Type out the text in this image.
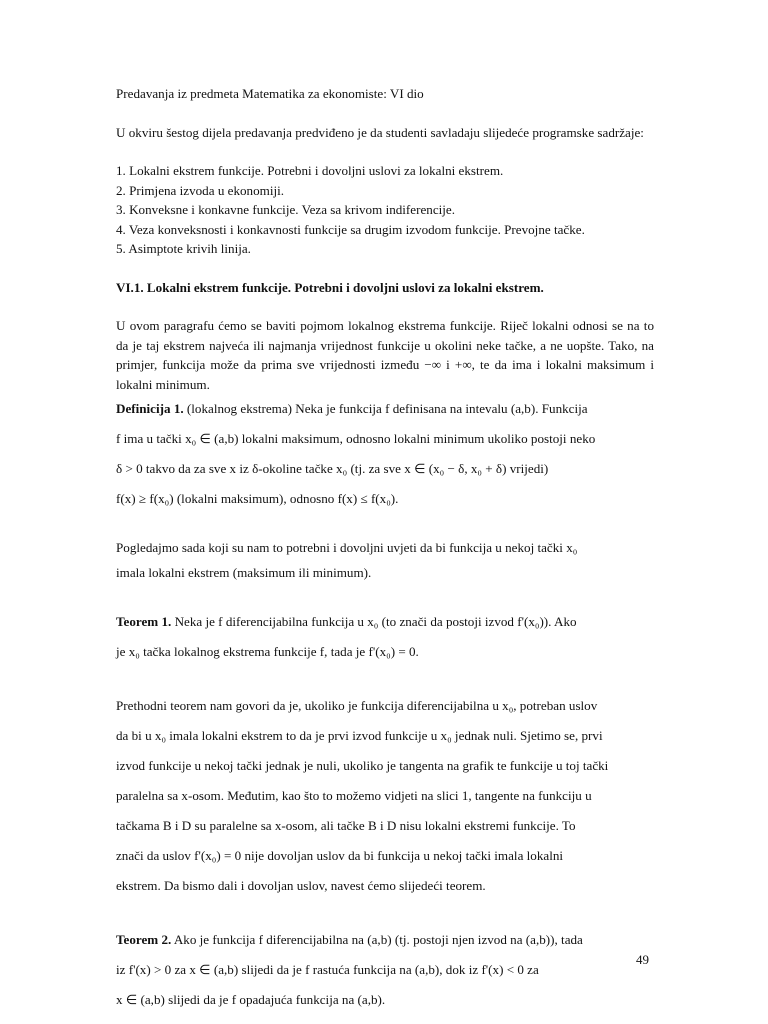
Predavanja iz predmeta Matematika za ekonomiste: VI dio

U okviru šestog dijela predavanja predviđeno je da studenti savladaju slijedeće programske sadržaje:

1. Lokalni ekstrem funkcije. Potrebni i dovoljni uslovi za lokalni ekstrem.
2. Primjena izvoda u ekonomiji.
3. Konveksne i konkavne funkcije. Veza sa krivom indiferencije.
4. Veza konveksnosti i konkavnosti funkcije sa drugim izvodom funkcije. Prevojne tačke.
5. Asimptote krivih linija.

VI.1. Lokalni ekstrem funkcije. Potrebni i dovoljni uslovi za lokalni ekstrem.

U ovom paragrafu ćemo se baviti pojmom lokalnog ekstrema funkcije. Riječ lokalni odnosi se na to da je taj ekstrem najveća ili najmanja vrijednost funkcije u okolini neke tačke, a ne uopšte. Tako, na primjer, funkcija može da prima sve vrijednosti između −∞ i +∞, te da ima i lokalni maksimum i lokalni minimum.

Definicija 1. (lokalnog ekstrema) Neka je funkcija f definisana na intevalu (a,b). Funkcija

f ima u tački x₀ ∈ (a,b) lokalni maksimum, odnosno lokalni minimum ukoliko postoji neko

δ > 0 takvo da za sve x iz δ-okoline tačke x₀ (tj. za sve x ∈ (x₀ − δ, x₀ + δ) vrijedi)

f(x) ≥ f(x₀) (lokalni maksimum), odnosno f(x) ≤ f(x₀).

Pogledajmo sada koji su nam to potrebni i dovoljni uvjeti da bi funkcija u nekoj tački x₀

imala lokalni ekstrem (maksimum ili minimum).

Teorem 1. Neka je f diferencijabilna funkcija u x₀ (to znači da postoji izvod f'(x₀)). Ako

je x₀ tačka lokalnog ekstrema funkcije f, tada je f'(x₀) = 0.

Prethodni teorem nam govori da je, ukoliko je funkcija diferencijabilna u x₀, potreban uslov

da bi u x₀ imala lokalni ekstrem to da je prvi izvod funkcije u x₀ jednak nuli. Sjetimo se, prvi

izvod funkcije u nekoj tački jednak je nuli, ukoliko je tangenta na grafik te funkcije u toj tački

paralelna sa x-osom. Međutim, kao što to možemo vidjeti na slici 1, tangente na funkciju u

tačkama B i D su paralelne sa x-osom, ali tačke B i D nisu lokalni ekstremi funkcije. To

znači da uslov f'(x₀) = 0 nije dovoljan uslov da bi funkcija u nekoj tački imala lokalni

ekstrem. Da bismo dali i dovoljan uslov, navest ćemo slijedeći teorem.

Teorem 2. Ako je funkcija f diferencijabilna na (a,b) (tj. postoji njen izvod na (a,b)), tada

iz f'(x) > 0 za x ∈ (a,b) slijedi da je f rastuća funkcija na (a,b), dok iz f'(x) < 0 za

x ∈ (a,b) slijedi da je f opadajuća funkcija na (a,b).

49
